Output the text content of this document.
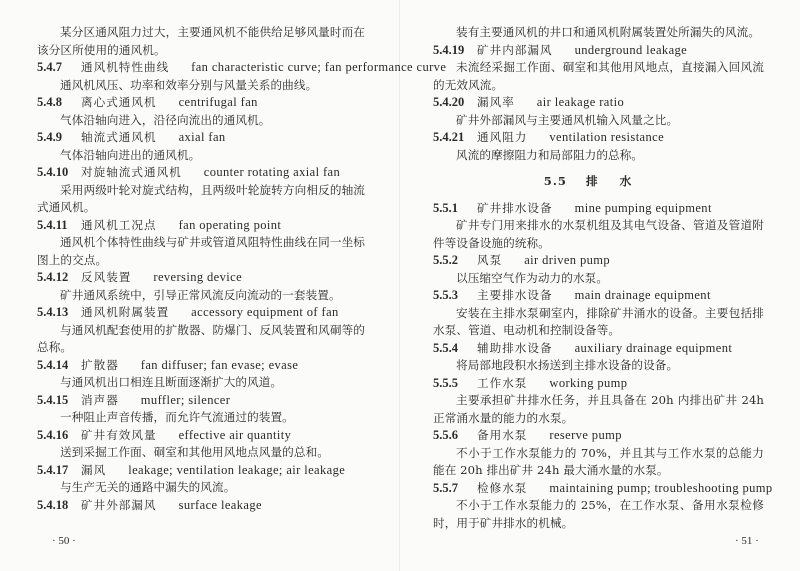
某分区通风阻力过大，主要通风机不能供给足够风量时而在该分区所使用的通风机。
5.4.7 通风机特性曲线 fan characteristic curve; fan performance curve
通风机风压、功率和效率分别与风量关系的曲线。
5.4.8 离心式通风机 centrifugal fan
气体沿轴向进入，沿径向流出的通风机。
5.4.9 轴流式通风机 axial fan
气体沿轴向进出的通风机。
5.4.10 对旋轴流式通风机 counter rotating axial fan
采用两级叶轮对旋式结构，且两级叶轮旋转方向相反的轴流式通风机。
5.4.11 通风机工况点 fan operating point
通风机个体特性曲线与矿井或管道风阻特性曲线在同一坐标图上的交点。
5.4.12 反风装置 reversing device
矿井通风系统中，引导正常风流反向流动的一套装置。
5.4.13 通风机附属装置 accessory equipment of fan
与通风机配套使用的扩散器、防爆门、反风装置和风硐等的总称。
5.4.14 扩散器 fan diffuser; fan evase; evase
与通风机出口相连且断面逐渐扩大的风道。
5.4.15 消声器 muffler; silencer
一种阻止声音传播，而允许气流通过的装置。
5.4.16 矿井有效风量 effective air quantity
送到采掘工作面、硐室和其他用风地点风量的总和。
5.4.17 漏风 leakage; ventilation leakage; air leakage
与生产无关的通路中漏失的风流。
5.4.18 矿井外部漏风 surface leakage
装有主要通风机的井口和通风机附属装置处所漏失的风流。
5.4.19 矿井内部漏风 underground leakage
未流经采掘工作面、硐室和其他用风地点，直接漏入回风流的无效风流。
5.4.20 漏风率 air leakage ratio
矿井外部漏风与主要通风机输入风量之比。
5.4.21 通风阻力 ventilation resistance
风流的摩擦阻力和局部阻力的总称。
5.5 排水
5.5.1 矿井排水设备 mine pumping equipment
矿井专门用来排水的水泵机组及其电气设备、管道及管道附件等设备设施的统称。
5.5.2 风泵 air driven pump
以压缩空气作为动力的水泵。
5.5.3 主要排水设备 main drainage equipment
安装在主排水泵硐室内，排除矿井涌水的设备。主要包括排水泵、管道、电动机和控制设备等。
5.5.4 辅助排水设备 auxiliary drainage equipment
将局部地段积水扬送到主排水设备的设备。
5.5.5 工作水泵 working pump
主要承担矿井排水任务，并且具备在 20h 内排出矿井 24h 正常涌水量的能力的水泵。
5.5.6 备用水泵 reserve pump
不小于工作水泵能力的 70%，并且其与工作水泵的总能力能在 20h 排出矿井 24h 最大涌水量的水泵。
5.5.7 检修水泵 maintaining pump; troubleshooting pump
不小于工作水泵能力的 25%，在工作水泵、备用水泵检修时，用于矿井排水的机械。
· 50 ·	· 51 ·
